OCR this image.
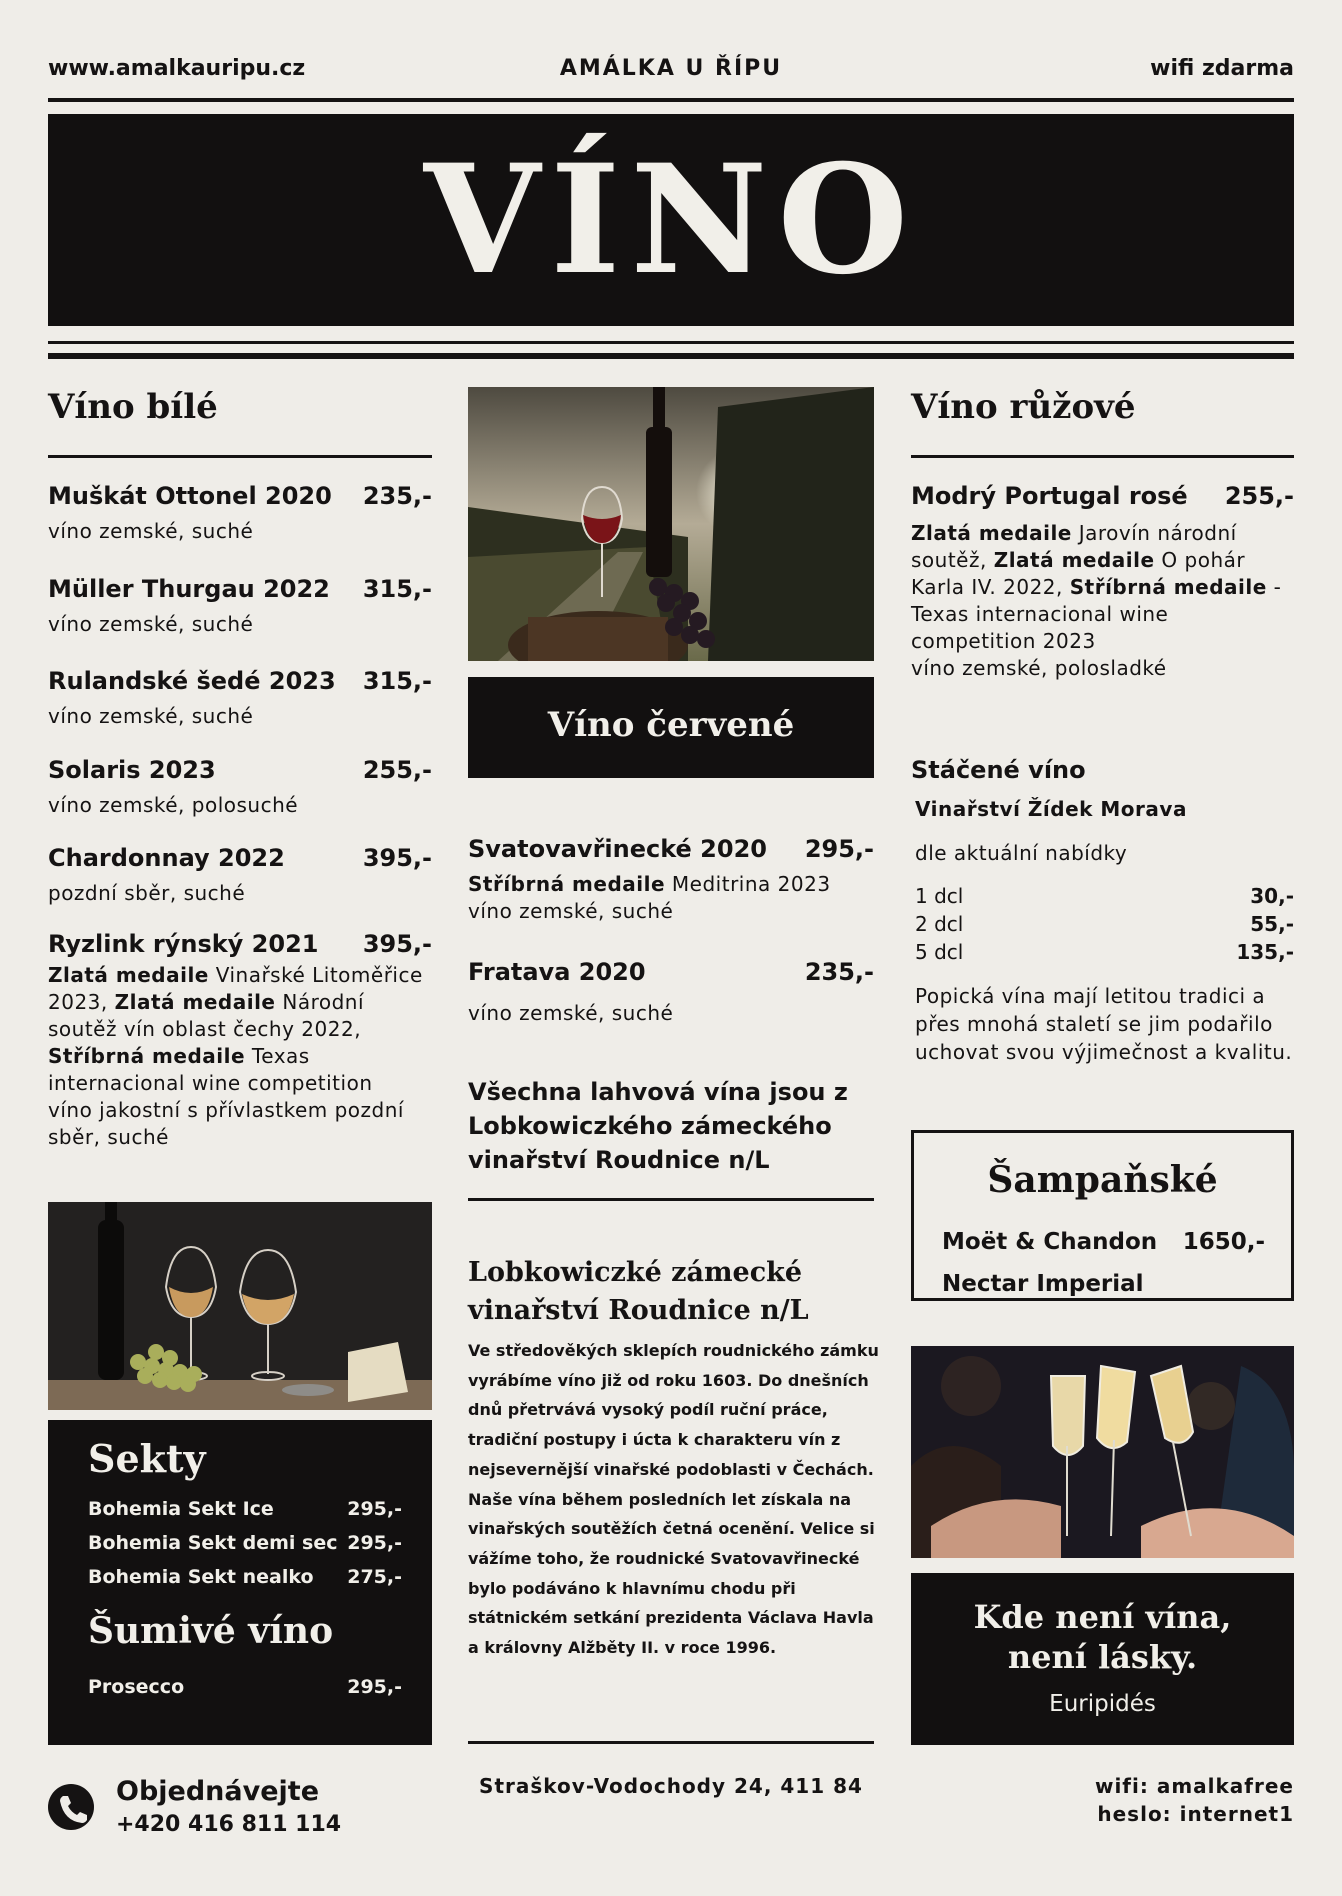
www.amalkauripu.cz	AMÁLKA U ŘÍPU	wifi zdarma
VÍNO
Víno bílé
Muškát Ottonel 2020 235,-
víno zemské, suché
Müller Thurgau 2022 315,-
víno zemské, suché
Rulandské šedé 2023 315,-
víno zemské, suché
Solaris 2023	255,-
víno zemské, polosuché
Chardonnay 2022	395,-
pozdní sběr, suché
Ryzlink rýnský 2021 395,-
Zlatá medaile Vinařské Litoměřice 2023, Zlatá medaile Národní soutěž vín oblast čechy 2022, Stříbrná medaile Texas internacional wine competition
víno jakostní s přívlastkem pozdní sběr, suché
Sekty
Bohemia Sekt Ice	295,-
Bohemia Sekt demi sec 295,-
Bohemia Sekt nealko 275,-
Šumivé víno
Prosecco	295,-
Víno červené
Svatovavřinecké 2020 295,-
Stříbrná medaile Meditrina 2023
víno zemské, suché
Fratava 2020	235,-
víno zemské, suché
Všechna lahvová vína jsou z Lobkowiczkého zámeckého vinařství Roudnice n/L
Lobkowiczké zámecké vinařství Roudnice n/L
Ve středověkých sklepích roudnického zámku vyrábíme víno již od roku 1603. Do dnešních dnů přetrvává vysoký podíl ruční práce, tradiční postupy i úcta k charakteru vín z nejsevernější vinařské podoblasti v Čechách. Naše vína během posledních let získala na vinařských soutěžích četná ocenění. Velice si vážíme toho, že roudnické Svatovavřinecké bylo podáváno k hlavnímu chodu při státnickém setkání prezidenta Václava Havla a královny Alžběty II. v roce 1996.
Víno růžové
Modrý Portugal rosé 255,-
Zlatá medaile Jarovín národní soutěž, Zlatá medaile O pohár Karla IV. 2022, Stříbrná medaile - Texas internacional wine competition 2023
víno zemské, polosladké
Stáčené víno
Vinařství Žídek Morava
dle aktuální nabídky
1 dcl	30,-
2 dcl	55,-
5 dcl	135,-
Popická vína mají letitou tradici a přes mnohá staletí se jim podařilo uchovat svou výjimečnost a kvalitu.
Šampaňské
Moët & Chandon 1650,-
Nectar Imperial
Kde není vína,
není lásky.
Euripidés
Objednávejte
+420 416 811 114
Straškov-Vodochody 24, 411 84	wifi: amalkafree
heslo: internet1
